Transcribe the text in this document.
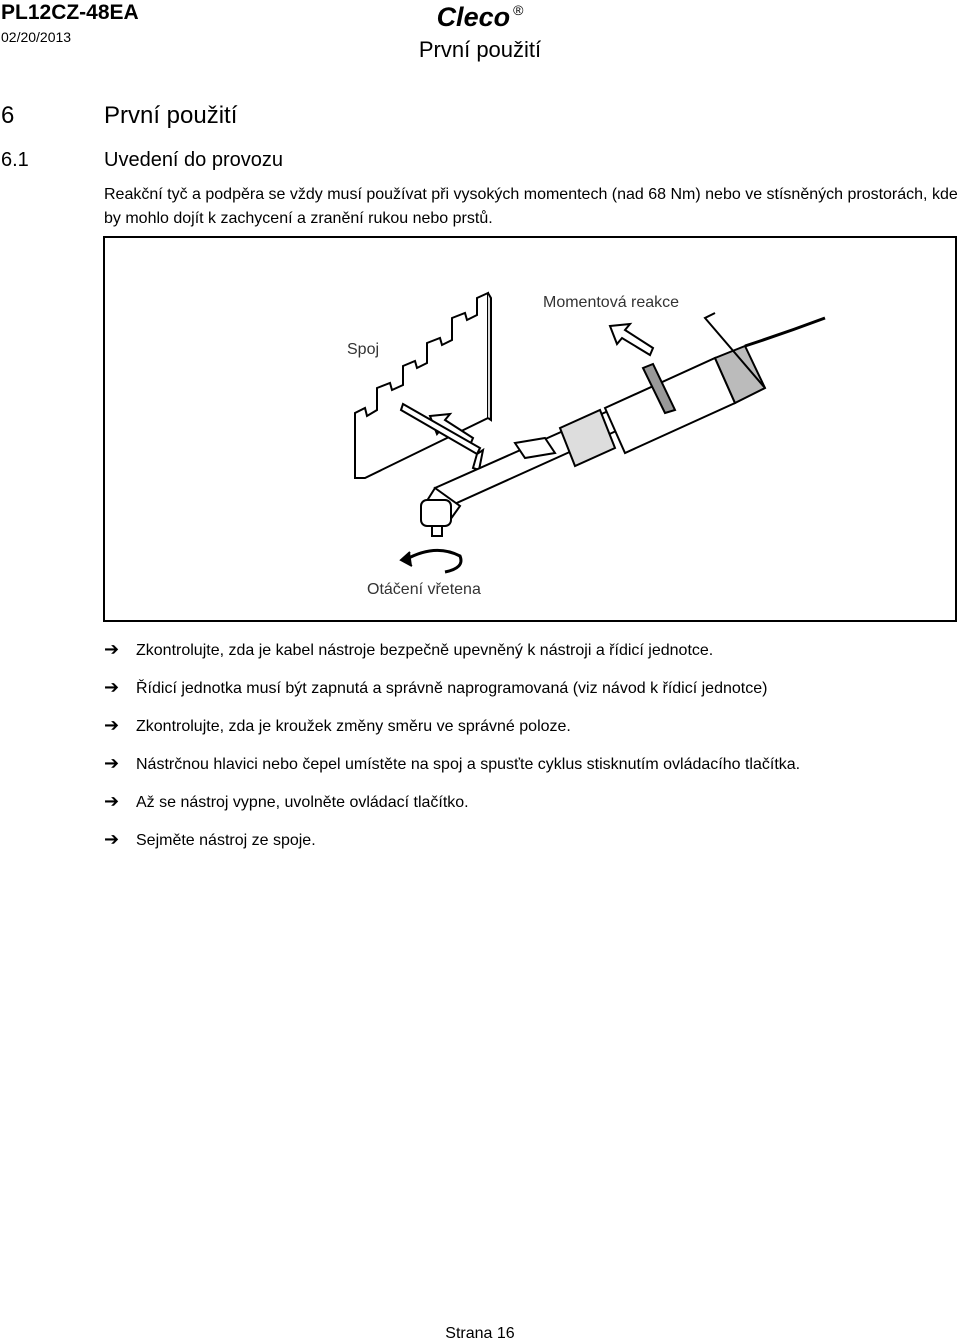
PL12CZ-48EA
02/20/2013
Cleco ®
První použití
6	První použití
6.1	Uvedení do provozu
Reakční tyč a podpěra se vždy musí používat při vysokých momentech (nad 68 Nm) nebo ve stísněných prostorách, kde by mohlo dojít k zachycení a zranění rukou nebo prstů.
Spoj
Momentová reakce
Otáčení vřetena
➔ Zkontrolujte, zda je kabel nástroje bezpečně upevněný k nástroji a řídicí jednotce.
➔ Řídicí jednotka musí být zapnutá a správně naprogramovaná (viz návod k řídicí jednotce)
➔ Zkontrolujte, zda je kroužek změny směru ve správné poloze.
➔ Nástrčnou hlavici nebo čepel umístěte na spoj a spusťte cyklus stisknutím ovládacího tlačítka.
➔ Až se nástroj vypne, uvolněte ovládací tlačítko.
➔ Sejměte nástroj ze spoje.
Strana 16
